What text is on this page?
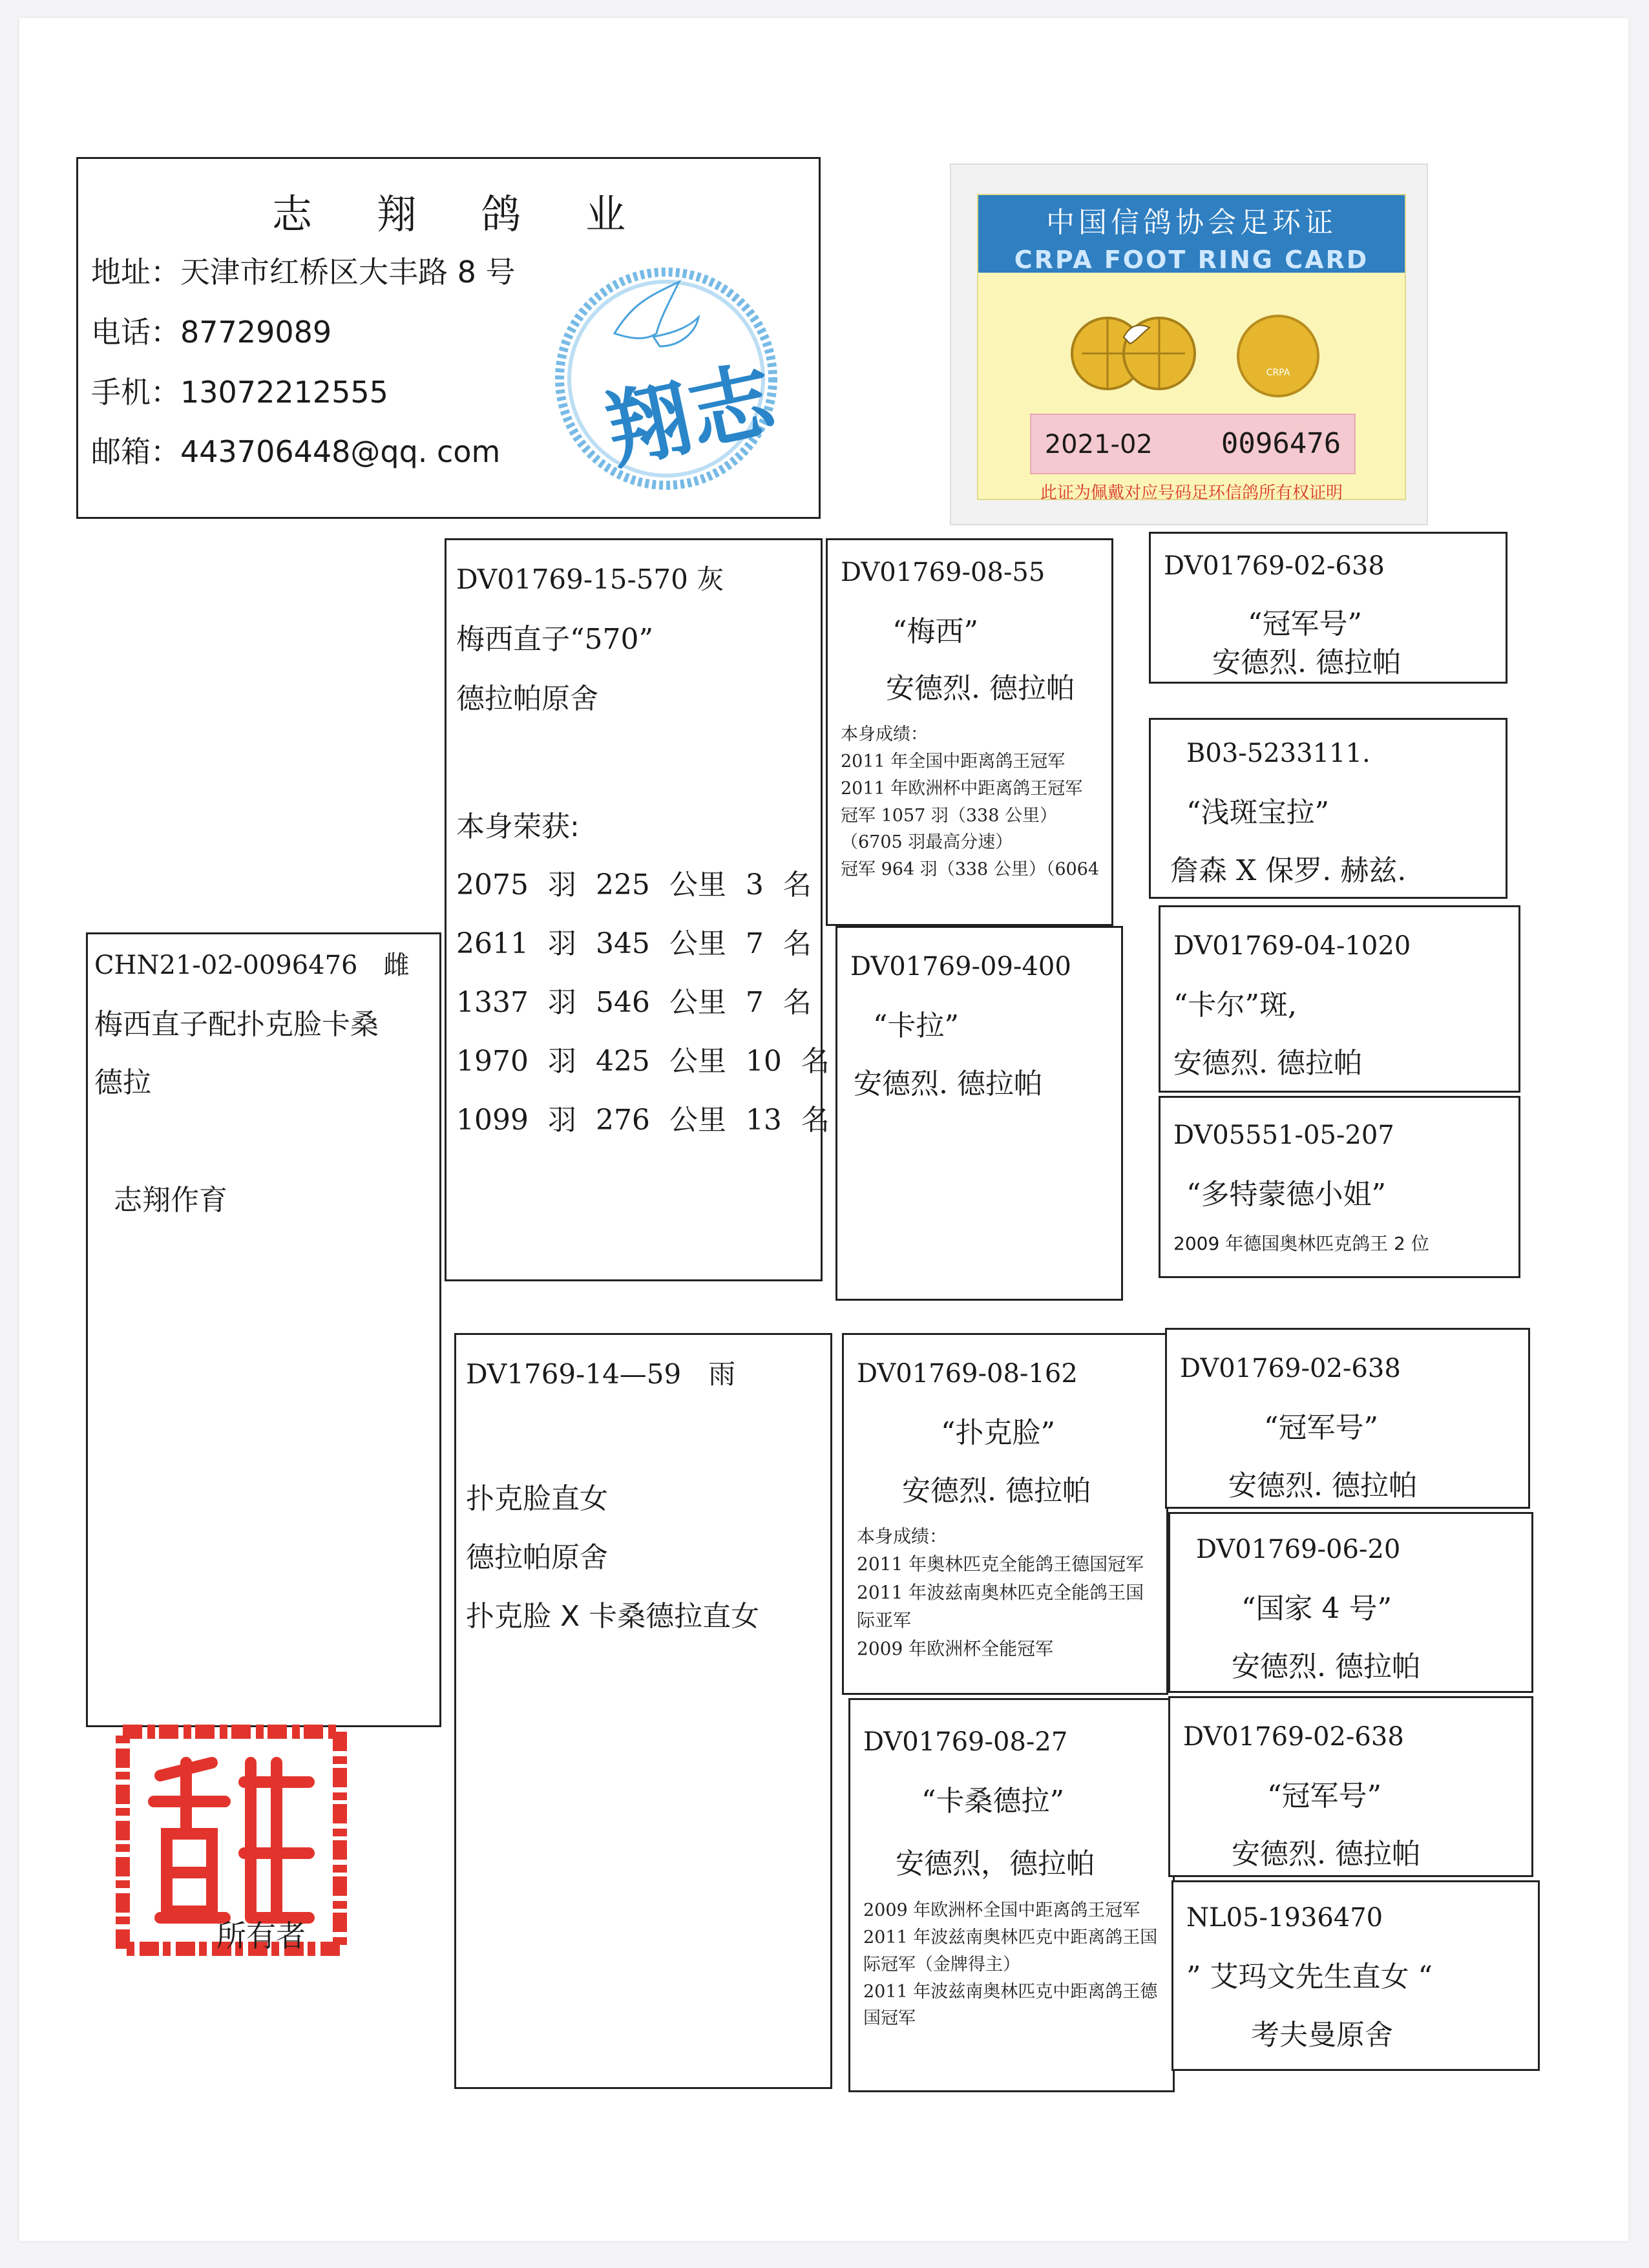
志 翔 鸽 业
地址：天津市红桥区大丰路 8 号
电话：87729089
手机：13072212555
邮箱：443706448@qq. com 翔志
中国信鸽协会足环证
CRPA FOOT RING CARD
CRPA
2021-02 0096476
此证为佩戴对应号码足环信鸽所有权证明
CHN21-02-0096476　雌
梅西直子配扑克脸卡桑
德拉
志翔作育
DV01769-15-570 灰
梅西直子“570”
德拉帕原舍
本身荣获:
2075 羽 225 公里 3 名
2611 羽 345 公里 7 名
1337 羽 546 公里 7 名
1970 羽 425 公里 10 名
1099 羽 276 公里 13 名
DV1769-14—59　雨
扑克脸直女
德拉帕原舍
扑克脸 X 卡桑德拉直女
DV01769-08-55
“梅西”
安德烈. 德拉帕
本身成绩：
2011 年全国中距离鸽王冠军
2011 年欧洲杯中距离鸽王冠军
冠军 1057 羽（338 公里）（6705 羽最高分速）
冠军 964 羽（338 公里）（6064
DV01769-09-400
“卡拉”
安德烈. 德拉帕
DV01769-08-162
“扑克脸”
安德烈. 德拉帕
本身成绩：
2011 年奥林匹克全能鸽王德国冠军
2011 年波兹南奥林匹克全能鸽王国际亚军
2009 年欧洲杯全能冠军
DV01769-08-27
“卡桑德拉”
安德烈，德拉帕
2009 年欧洲杯全国中距离鸽王冠军
2011 年波兹南奥林匹克中距离鸽王国际冠军（金牌得主）
2011 年波兹南奥林匹克中距离鸽王德国冠军
DV01769-02-638
“冠军号”
安德烈. 德拉帕
B03-5233111.
“浅斑宝拉”
詹森 X 保罗. 赫兹.
DV01769-04-1020
“卡尔”斑,
安德烈. 德拉帕
DV05551-05-207
“多特蒙德小姐”
2009 年德国奥林匹克鸽王 2 位
DV01769-02-638
“冠军号”
安德烈. 德拉帕
DV01769-06-20
“国家 4 号”
安德烈. 德拉帕
DV01769-02-638
“冠军号”
安德烈. 德拉帕
NL05-1936470
” 艾玛文先生直女 “
考夫曼原舍
所有者
